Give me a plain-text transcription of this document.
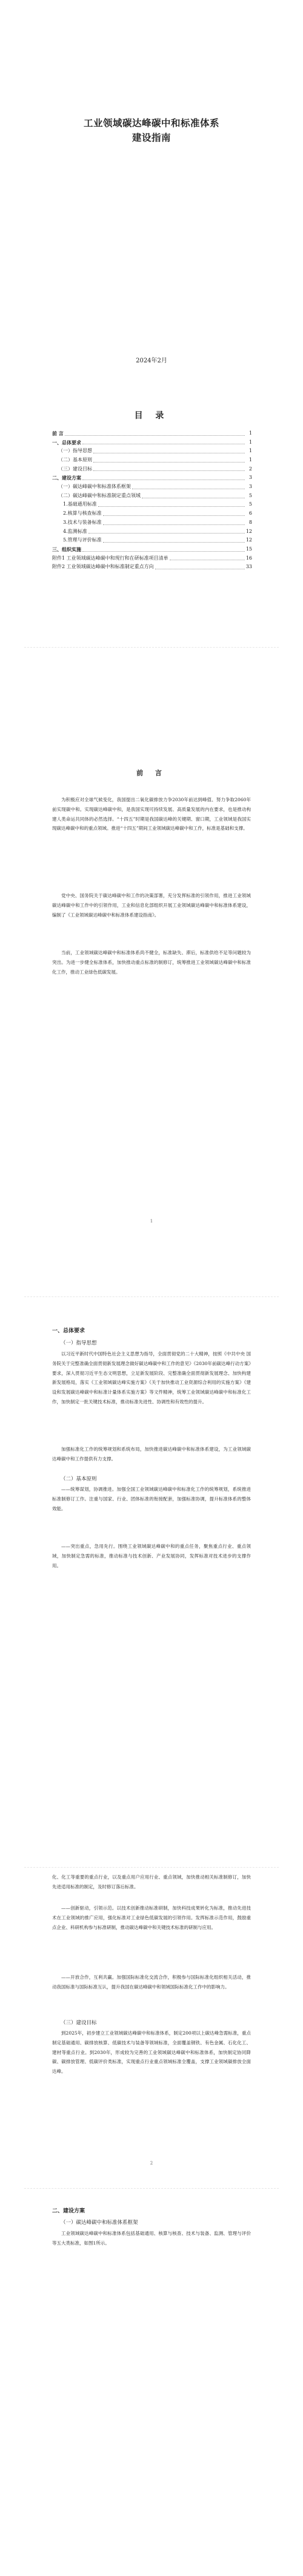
工业领域碳达峰碳中和标准体系
建设指南
2024年2月
目 录
前 言	1
一、总体要求	1
（一）指导思想	1
（二）基本原则	1
（三）建设目标	2
二、建设方案	3
（一）碳达峰碳中和标准体系框架	3
（二）碳达峰碳中和标准制定重点领域	5
1.基础通用标准	5
2.核算与核查标准	6
3.技术与装备标准	8
4.监测标准	12
5.管理与评价标准	12
三、组织实施	15
附件1 工业领域碳达峰碳中和现行和在研标准项目清单	16
附件2 工业领域碳达峰碳中和标准制定重点方向	33
前 言

为积极应对全球气候变化，我国提出二氧化碳排放力争2030年前达到峰值、努力争取2060年前实现碳中和。实现碳达峰碳中和，是我国实现可持续发展、高质量发展的内在要求，也是推动构建人类命运共同体的必然选择。“十四五”时期是我国碳达峰的关键期、窗口期，工业领域是我国实现碳达峰碳中和的重点领域。推进“十四五”期间工业领域碳达峰碳中和工作，标准是基础和支撑。

党中央、国务院关于碳达峰碳中和工作的决策部署，充分发挥标准的引领作用，推进工业领域碳达峰碳中和工作中的引领作用，工业和信息化部组织开展工业领域碳达峰碳中和标准体系建设，编制了《工业领域碳达峰碳中和标准体系建设指南》。

当前，工业领域碳达峰碳中和标准体系尚不健全，标准缺失、滞后，标准供给不足等问题较为突出。为进一步健全标准体系，加快推动重点标准的制修订，统筹推进工业领域碳达峰碳中和标准化工作，推动工业绿色低碳发展。

1
一、总体要求
（一）指导思想

以习近平新时代中国特色社会主义思想为指导，全面贯彻党的二十大精神，按照《中共中央 国务院关于完整准确全面贯彻新发展理念做好碳达峰碳中和工作的意见》《2030年前碳达峰行动方案》要求，深入贯彻习近平生态文明思想，立足新发展阶段、完整准确全面贯彻新发展理念、加快构建新发展格局，落实《工业领域碳达峰实施方案》《关于加快推动工业资源综合利用的实施方案》《建设和发展碳达峰碳中和标准计量体系实施方案》等文件精神，统筹工业领域碳达峰碳中和标准化工作，加快制定一批关键技术标准，推动标准先进性、协调性和有效性的提升。

加强标准化工作的统筹规划和系统布局，加快推进碳达峰碳中和标准体系建设，为工业领域碳达峰碳中和工作提供有力支撑。

（二）基本原则

——统筹谋划，协调推进。加强全国工业领域碳达峰碳中和标准化工作的统筹规划，系统推进标准制修订工作。注重与国家、行业、团体标准的衔接配套，加强标准协调，提升标准体系的整体效能。

——突出重点，急用先行。围绕工业领域碳达峰碳中和的重点任务，聚焦重点行业、重点领域，加快制定急需的标准，推动标准与技术创新、产业发展协同，发挥标准对技术进步的支撑作用。

化、化工等重要的重点行业，以及重点用户应用行业、重点领域，加快推动相关标准制修订，加快先进适用标准的制定，及时修订落后标准。

——创新驱动，引领示范。以技术创新推动标准研制，加快科技成果转化为标准，推动先进技术在工业领域的推广应用，强化标准对工业绿色低碳发展的引领作用。发挥标准示范作用，鼓励重点企业、科研机构参与标准研制，推动碳达峰碳中和关键技术标准的研制与应用。

——开放合作，互利共赢。加强国际标准化交流合作，积极参与国际标准化组织相关活动，推动我国标准与国际标准互认，提升我国在碳达峰碳中和领域国际标准化工作中的影响力。

（三）建设目标

到2025年，初步建立工业领域碳达峰碳中和标准体系，制定200项以上碳达峰急需标准，重点制定基础通用、碳排放核算、低碳技术与装备等领域标准，全面覆盖钢铁、有色金属、石化化工、建材等重点行业。到2030年，形成较为完善的工业领域碳达峰碳中和标准体系，加快制定协同降碳、碳排放管理、低碳评价类标准，实现重点行业重点领域标准全覆盖，支撑工业领域碳排放全面达峰。

2
二、建设方案
（一）碳达峰碳中和标准体系框架

工业领域碳达峰碳中和标准体系包括基础通用、核算与核查、技术与装备、监测、管理与评价等五大类标准，如图1所示。
